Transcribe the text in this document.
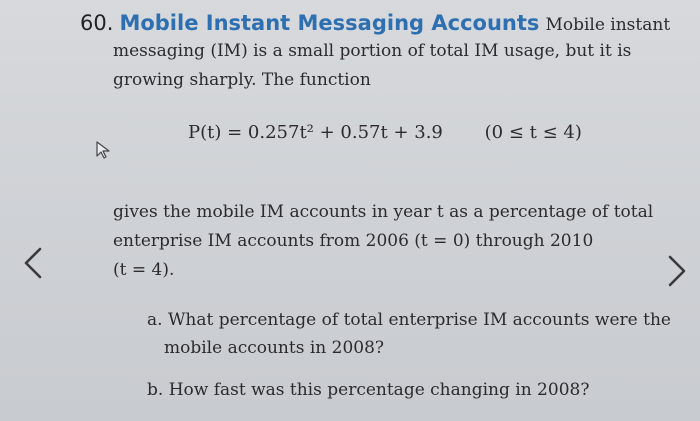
60. Mobile Instant Messaging Accounts Mobile instant
messaging (IM) is a small portion of total IM usage, but it is
growing sharply. The function
P(t) = 0.257t² + 0.57t + 3.9 (0 ≤ t ≤ 4)
gives the mobile IM accounts in year t as a percentage of total
enterprise IM accounts from 2006 (t = 0) through 2010
(t = 4).
a. What percentage of total enterprise IM accounts were the
mobile accounts in 2008?
b. How fast was this percentage changing in 2008?
